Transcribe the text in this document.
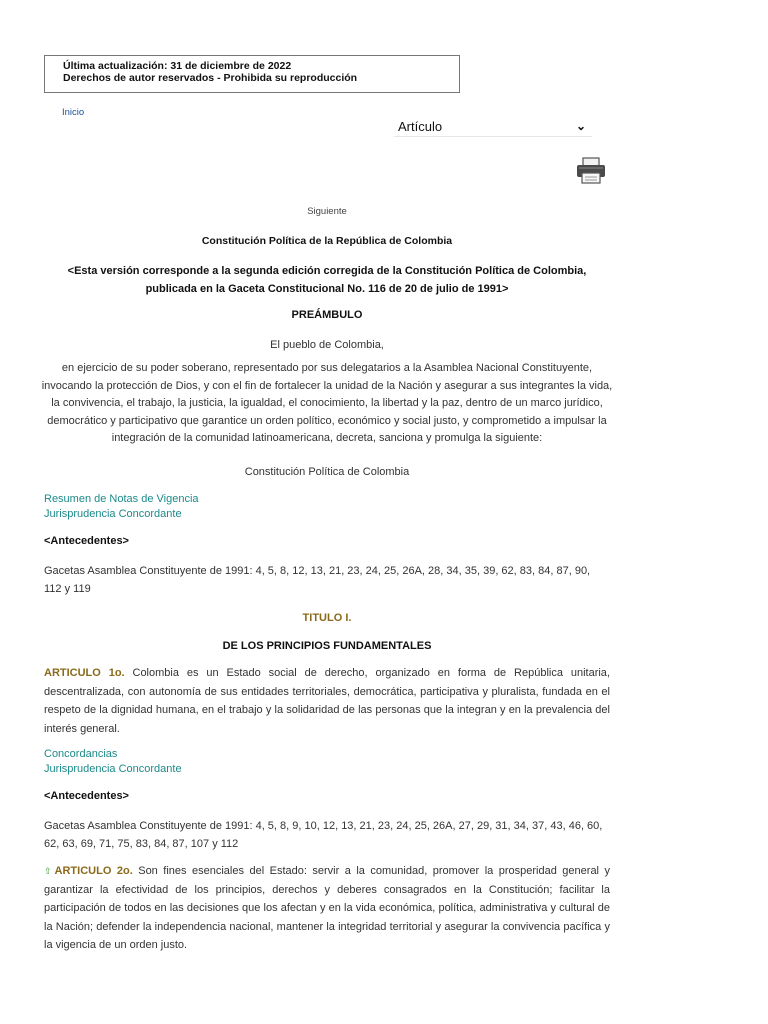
Última actualización: 31 de diciembre de 2022
Derechos de autor reservados - Prohibida su reproducción
Inicio
Artículo	⌄
Siguiente
Constitución Política de la República de Colombia
<Esta versión corresponde a la segunda edición corregida de la Constitución Política de Colombia, publicada en la Gaceta Constitucional No. 116 de 20 de julio de 1991>
PREÁMBULO
El pueblo de Colombia,
en ejercicio de su poder soberano, representado por sus delegatarios a la Asamblea Nacional Constituyente, invocando la protección de Dios, y con el fin de fortalecer la unidad de la Nación y asegurar a sus integrantes la vida, la convivencia, el trabajo, la justicia, la igualdad, el conocimiento, la libertad y la paz, dentro de un marco jurídico, democrático y participativo que garantice un orden político, económico y social justo, y comprometido a impulsar la integración de la comunidad latinoamericana, decreta, sanciona y promulga la siguiente:
Constitución Política de Colombia
Resumen de Notas de Vigencia
Jurisprudencia Concordante
<Antecedentes>
Gacetas Asamblea Constituyente de 1991: 4, 5, 8, 12, 13, 21, 23, 24, 25, 26A, 28, 34, 35, 39, 62, 83, 84, 87, 90, 112 y 119
TITULO I.
DE LOS PRINCIPIOS FUNDAMENTALES
ARTICULO 1o. Colombia es un Estado social de derecho, organizado en forma de República unitaria, descentralizada, con autonomía de sus entidades territoriales, democrática, participativa y pluralista, fundada en el respeto de la dignidad humana, en el trabajo y la solidaridad de las personas que la integran y en la prevalencia del interés general.
Concordancias
Jurisprudencia Concordante
<Antecedentes>
Gacetas Asamblea Constituyente de 1991: 4, 5, 8, 9, 10, 12, 13, 21, 23, 24, 25, 26A, 27, 29, 31, 34, 37, 43, 46, 60, 62, 63, 69, 71, 75, 83, 84, 87, 107 y 112
⇧ ARTICULO 2o. Son fines esenciales del Estado: servir a la comunidad, promover la prosperidad general y garantizar la efectividad de los principios, derechos y deberes consagrados en la Constitución; facilitar la participación de todos en las decisiones que los afectan y en la vida económica, política, administrativa y cultural de la Nación; defender la independencia nacional, mantener la integridad territorial y asegurar la convivencia pacífica y la vigencia de un orden justo.
